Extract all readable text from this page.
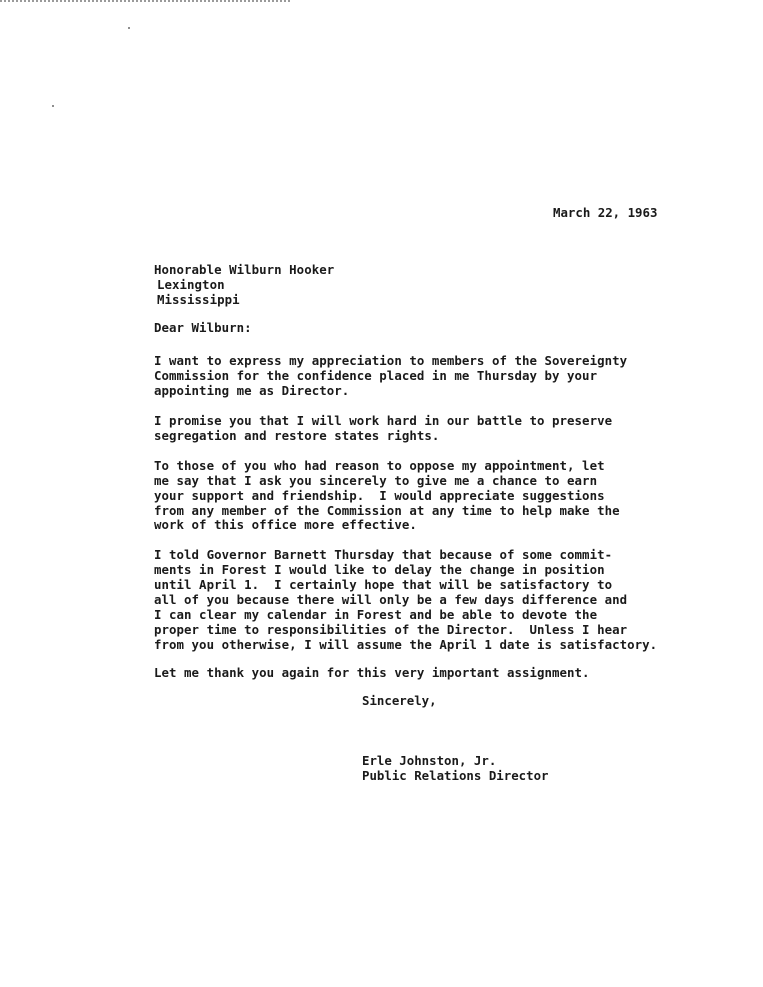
March 22, 1963
Honorable Wilburn Hooker
Lexington
Mississippi
Dear Wilburn:
I want to express my appreciation to members of the Sovereignty
Commission for the confidence placed in me Thursday by your
appointing me as Director.
I promise you that I will work hard in our battle to preserve
segregation and restore states rights.
To those of you who had reason to oppose my appointment, let
me say that I ask you sincerely to give me a chance to earn
your support and friendship.  I would appreciate suggestions
from any member of the Commission at any time to help make the
work of this office more effective.
I told Governor Barnett Thursday that because of some commit-
ments in Forest I would like to delay the change in position
until April 1.  I certainly hope that will be satisfactory to
all of you because there will only be a few days difference and
I can clear my calendar in Forest and be able to devote the
proper time to responsibilities of the Director.  Unless I hear
from you otherwise, I will assume the April 1 date is satisfactory.
Let me thank you again for this very important assignment.
Sincerely,
Erle Johnston, Jr.
Public Relations Director
